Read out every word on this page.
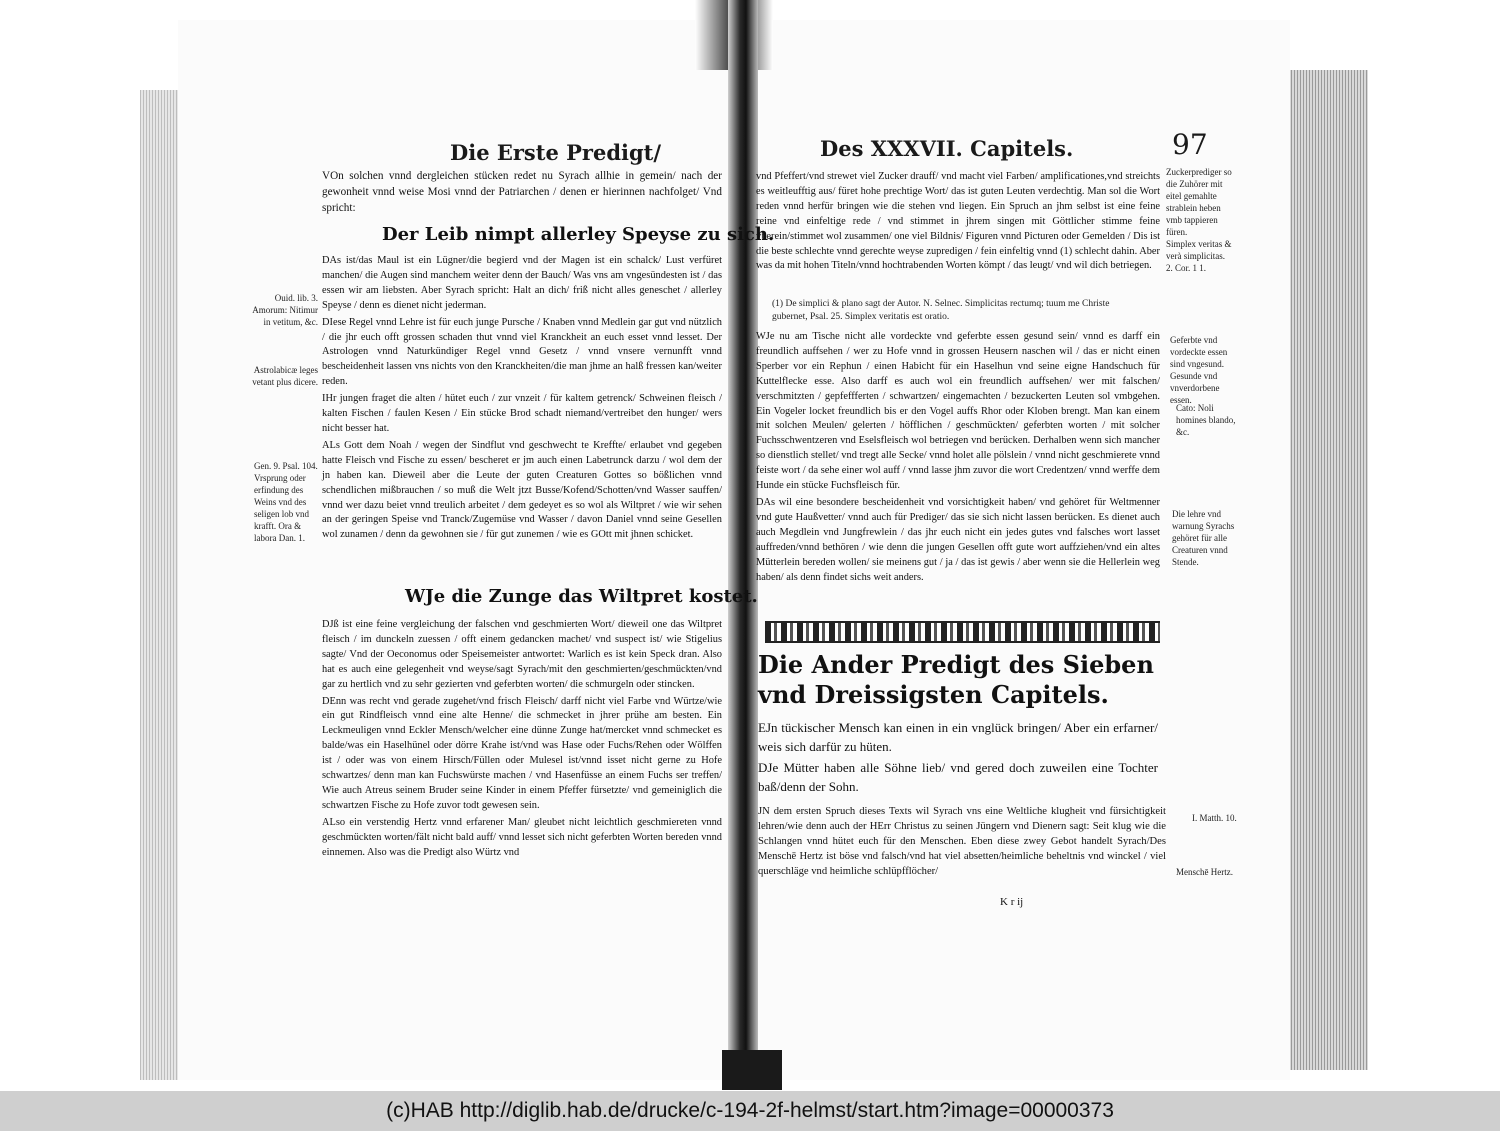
Die Erste Predigt/
VOn solchen vnnd dergleichen stücken redet nu Syrach allhie in gemein/ nach der gewonheit vnnd weise Mosi vnnd der Patriarchen / denen er hierinnen nachfolget/ Vnd spricht:
Der Leib nimpt allerley Speyse zu sich.

DAs ist/das Maul ist ein Lügner/die begierd vnd der Magen ist ein schalck/ Lust verfüret manchen/ die Augen sind manchem weiter denn der Bauch/ Was vns am vngesündesten ist / das essen wir am liebsten. Aber Syrach spricht: Halt an dich/ friß nicht alles geneschet / allerley Speyse / denn es dienet nicht jederman.

DIese Regel vnnd Lehre ist für euch junge Pursche / Knaben vnnd Medlein gar gut vnd nützlich / die jhr euch offt grossen schaden thut vnnd viel Kranckheit an euch esset vnnd lesset. Der Astrologen vnnd Naturkündiger Regel vnnd Gesetz / vnnd vnsere vernunfft vnnd bescheidenheit lassen vns nichts von den Kranckheiten/die man jhme an halß fressen kan/weiter reden.

IHr jungen fraget die alten / hütet euch / zur vnzeit / für kaltem getrenck/ Schweinen fleisch / kalten Fischen / faulen Kesen / Ein stücke Brod schadt niemand/vertreibet den hunger/ wers nicht besser hat.

ALs Gott dem Noah / wegen der Sindflut vnd geschwecht te Kreffte/ erlaubet vnd gegeben hatte Fleisch vnd Fische zu essen/ bescheret er jm auch einen Labetrunck darzu / wol dem der jn haben kan. Dieweil aber die Leute der guten Creaturen Gottes so bößlichen vnnd schendlichen mißbrauchen / so muß die Welt jtzt Busse/Kofend/Schotten/vnd Wasser sauffen/ vnnd wer dazu beiet vnnd treulich arbeitet / dem gedeyet es so wol als Wiltpret / wie wir sehen an der geringen Speise vnd Tranck/Zugemüse vnd Wasser / davon Daniel vnnd seine Gesellen wol zunamen / denn da gewohnen sie / für gut zunemen / wie es GOtt mit jhnen schicket.

WJe die Zunge das Wiltpret kostet.

DJß ist eine feine vergleichung der falschen vnd geschmierten Wort/ dieweil one das Wiltpret fleisch / im dunckeln zuessen / offt einem gedancken machet/ vnd suspect ist/ wie Stigelius sagte/ Vnd der Oeconomus oder Speisemeister antwortet: Warlich es ist kein Speck dran. Also hat es auch eine gelegenheit vnd weyse/sagt Syrach/mit den geschmierten/geschmückten/vnd gar zu hertlich vnd zu sehr gezierten vnd geferbten worten/ die schmurgeln oder stincken.

DEnn was recht vnd gerade zugehet/vnd frisch Fleisch/ darff nicht viel Farbe vnd Würtze/wie ein gut Rindfleisch vnnd eine alte Henne/ die schmecket in jhrer prühe am besten. Ein Leckmeuligen vnnd Eckler Mensch/welcher eine dünne Zunge hat/mercket vnnd schmecket es balde/was ein Haselhünel oder dörre Krahe ist/vnd was Hase oder Fuchs/Rehen oder Wölffen ist / oder was von einem Hirsch/Füllen oder Mulesel ist/vnnd isset nicht gerne zu Hofe schwartzes/ denn man kan Fuchswürste machen / vnd Hasenfüsse an einem Fuchs ser treffen/ Wie auch Atreus seinem Bruder seine Kinder in einem Pfeffer fürsetzte/ vnd gemeiniglich die schwartzen Fische zu Hofe zuvor todt gewesen sein.

ALso ein verstendig Hertz vnnd erfarener Man/ gleubet nicht leichtlich geschmiereten vnnd geschmückten worten/fält nicht bald auff/ vnnd lesset sich nicht geferbten Worten bereden vnnd einnemen. Also was die Predigt also Würtz vnd

Ouid. lib. 3. Amorum: Nitimur in vetitum, &c.
Astrolabicæ leges vetant plus dicere.
Gen. 9. Psal. 104. Vrsprung oder erfindung des Weins vnd des seligen lob vnd krafft. Ora & labora Dan. 1.
Des XXXVII. Capitels.	97
vnd Pfeffert/vnd strewet viel Zucker drauff/ vnd macht viel Farben/ amplificationes,vnd streichts es weitleufftig aus/ füret hohe prechtige Wort/ das ist guten Leuten verdechtig. Man sol die Wort reden vnnd herfür bringen wie die stehen vnd liegen. Ein Spruch an jhm selbst ist eine feine reine vnd einfeltige rede / vnd stimmet in jhrem singen mit Göttlicher stimme feine vberein/stimmet wol zusammen/ one viel Bildnis/ Figuren vnnd Picturen oder Gemelden / Dis ist die beste schlechte vnnd gerechte weyse zupredigen / fein einfeltig vnnd (1) schlecht dahin. Aber was da mit hohen Titeln/vnnd hochtrabenden Worten kömpt / das leugt/ vnd wil dich betriegen.
(1) De simplici & plano sagt der Autor. N. Selnec. Simplicitas rectumq; tuum me Christe gubernet, Psal. 25. Simplex veritatis est oratio.

WJe nu am Tische nicht alle vordeckte vnd geferbte essen gesund sein/ vnnd es darff ein freundlich auffsehen / wer zu Hofe vnnd in grossen Heusern naschen wil / das er nicht einen Sperber vor ein Rephun / einen Habicht für ein Haselhun vnd seine eigne Handschuch für Kuttelflecke esse. Also darff es auch wol ein freundlich auffsehen/ wer mit falschen/ verschmitzten / gepfeffferten / schwartzen/ eingemachten / bezuckerten Leuten sol vmbgehen. Ein Vogeler locket freundlich bis er den Vogel auffs Rhor oder Kloben brengt. Man kan einem mit solchen Meulen/ gelerten / höfflichen / geschmückten/ geferbten worten / mit solcher Fuchsschwentzeren vnd Eselsfleisch wol betriegen vnd berücken. Derhalben wenn sich mancher so dienstlich stellet/ vnd tregt alle Secke/ vnnd holet alle pölslein / vnnd nicht geschmierete vnnd feiste wort / da sehe einer wol auff / vnnd lasse jhm zuvor die wort Credentzen/ vnnd werffe dem Hunde ein stücke Fuchsfleisch für.

DAs wil eine besondere bescheidenheit vnd vorsichtigkeit haben/ vnd gehöret für Weltmenner vnd gute Haußvetter/ vnnd auch für Prediger/ das sie sich nicht lassen berücken. Es dienet auch auch Megdlein vnd Jungfrewlein / das jhr euch nicht ein jedes gutes vnd falsches wort lasset auffreden/vnnd bethören / wie denn die jungen Gesellen offt gute wort auffziehen/vnd ein altes Mütterlein bereden wollen/ sie meinens gut / ja / das ist gewis / aber wenn sie die Hellerlein weg haben/ als denn findet sichs weit anders.

Die Ander Predigt des Sieben vnd Dreissigsten Capitels.

EJn tückischer Mensch kan einen in ein vnglück bringen/ Aber ein erfarner/ weis sich darfür zu hüten.

DJe Mütter haben alle Söhne lieb/ vnd gered doch zuweilen eine Tochter baß/denn der Sohn.

JN dem ersten Spruch dieses Texts wil Syrach vns eine Weltliche klugheit vnd fürsichtigkeit lehren/wie denn auch der HErr Christus zu seinen Jüngern vnd Dienern sagt: Seit klug wie die Schlangen vnnd hütet euch für den Menschen. Eben diese zwey Gebot handelt Syrach/Des Menschē Hertz ist böse vnd falsch/vnd hat viel absetten/heimliche beheltnis vnd winckel / viel querschläge vnd heimliche schlüpfflöcher/
K r ij
Zuckerprediger so die Zuhörer mit eitel gemahlte strablein heben vmb tappieren füren.
Simplex veritas & verà simplicitas. 2. Cor. 1 1.
Geferbte vnd vordeckte essen sind vngesund. Gesunde vnd vnverdorbene essen.
Cato: Noli homines blando, &c.
Die lehre vnd warnung Syrachs gehöret für alle Creaturen vnnd Stende.
I. Matth. 10.
Menschē Hertz.
(c)HAB http://diglib.hab.de/drucke/c-194-2f-helmst/start.htm?image=00000373
